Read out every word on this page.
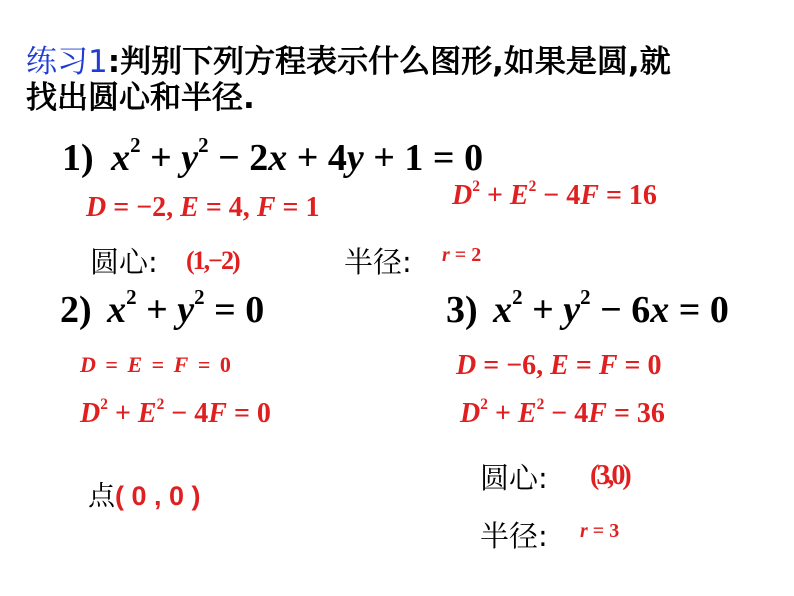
练习1:判别下列方程表示什么图形,如果是圆,就
找出圆心和半径.
1) $x^2 + y^2 - 2x + 4y + 1 = 0$
D = −2, E = 4, F = 1	$D^2 + E^2 - 4F = 16$
圆心: (1,−2)	半径: r = 2
2) $x^2 + y^2 = 0$
D = E = F = 0
$D^2 + E^2 - 4F = 0$
点( 0 , 0 )
3) $x^2 + y^2 - 6x = 0$
D = −6, E = F = 0
$D^2 + E^2 - 4F = 36$
圆心: (3,0)
半径: r = 3
